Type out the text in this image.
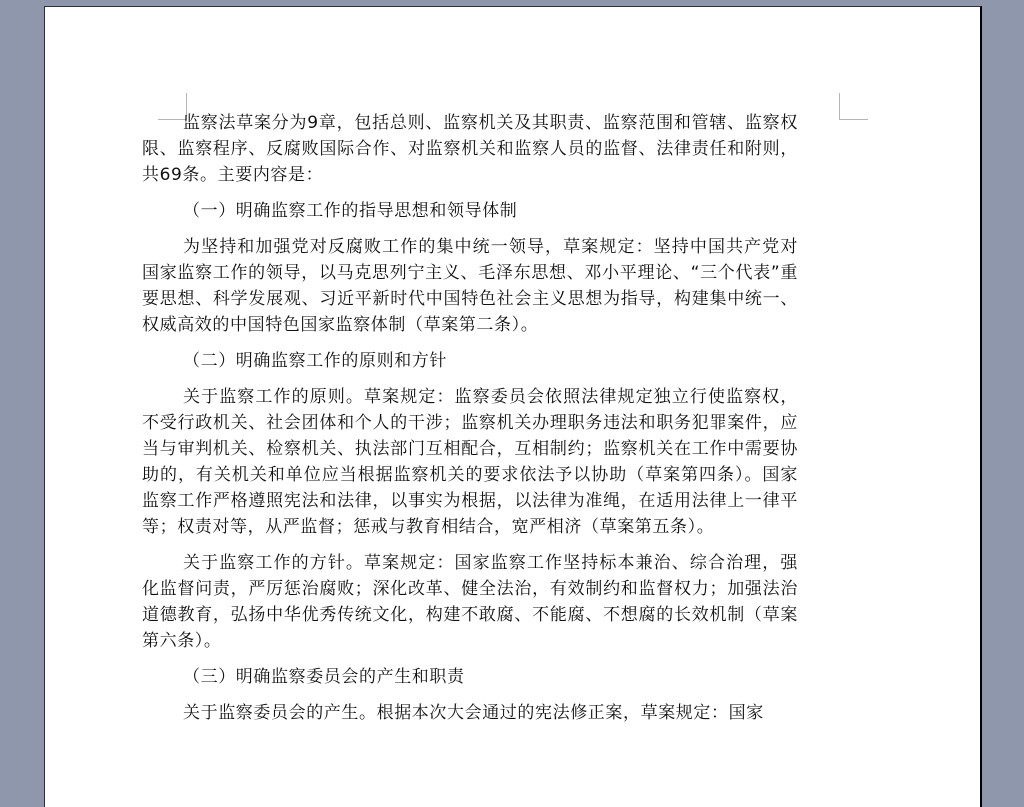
监察法草案分为9章，包括总则、监察机关及其职责、监察范围和管辖、监察权限、监察程序、反腐败国际合作、对监察机关和监察人员的监督、法律责任和附则，共69条。主要内容是：

（一）明确监察工作的指导思想和领导体制

为坚持和加强党对反腐败工作的集中统一领导，草案规定：坚持中国共产党对国家监察工作的领导，以马克思列宁主义、毛泽东思想、邓小平理论、“三个代表”重要思想、科学发展观、习近平新时代中国特色社会主义思想为指导，构建集中统一、权威高效的中国特色国家监察体制（草案第二条）。

（二）明确监察工作的原则和方针

关于监察工作的原则。草案规定：监察委员会依照法律规定独立行使监察权，不受行政机关、社会团体和个人的干涉；监察机关办理职务违法和职务犯罪案件，应当与审判机关、检察机关、执法部门互相配合，互相制约；监察机关在工作中需要协助的，有关机关和单位应当根据监察机关的要求依法予以协助（草案第四条）。国家监察工作严格遵照宪法和法律，以事实为根据，以法律为准绳，在适用法律上一律平等；权责对等，从严监督；惩戒与教育相结合，宽严相济（草案第五条）。

关于监察工作的方针。草案规定：国家监察工作坚持标本兼治、综合治理，强化监督问责，严厉惩治腐败；深化改革、健全法治，有效制约和监督权力；加强法治道德教育，弘扬中华优秀传统文化，构建不敢腐、不能腐、不想腐的长效机制（草案第六条）。

（三）明确监察委员会的产生和职责

关于监察委员会的产生。根据本次大会通过的宪法修正案，草案规定：国家
